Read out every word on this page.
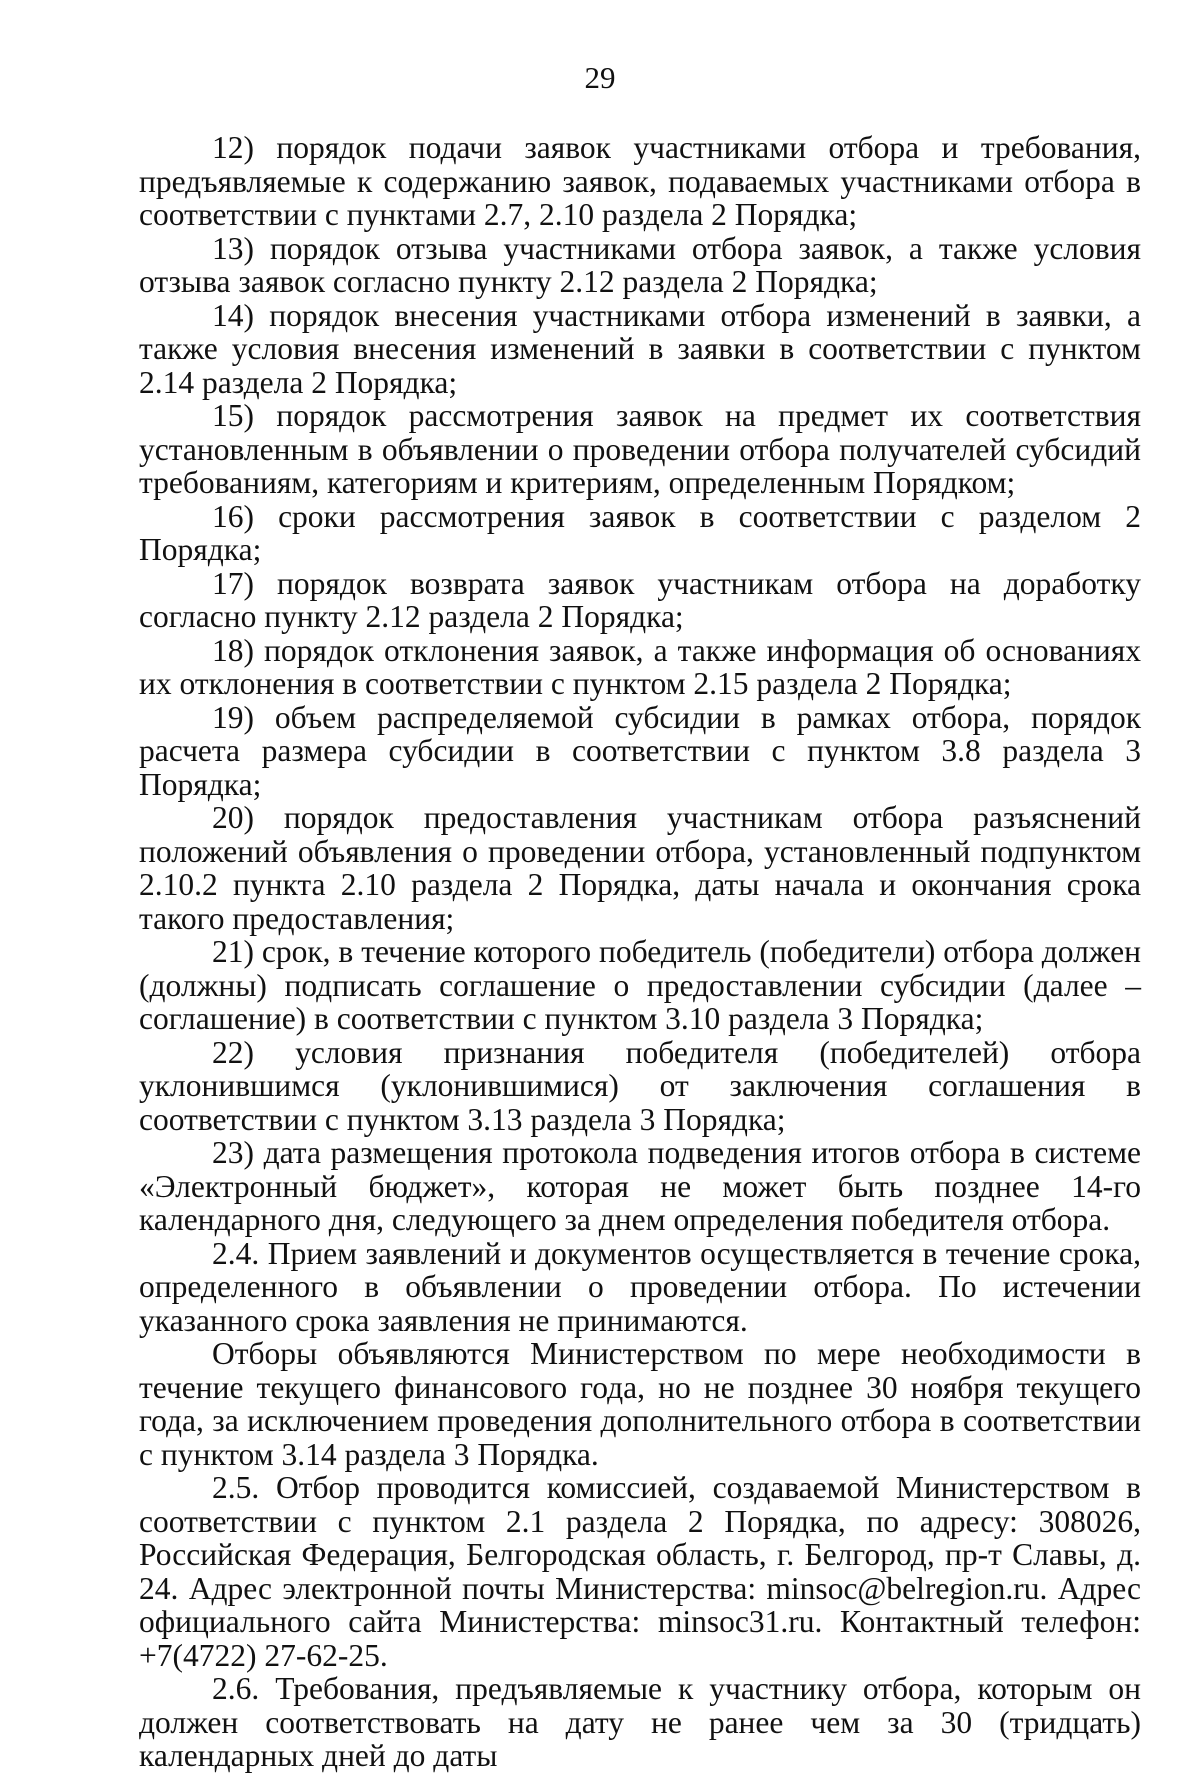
29

12) порядок подачи заявок участниками отбора и требования, предъявляемые к содержанию заявок, подаваемых участниками отбора в соответствии с пунктами 2.7, 2.10 раздела 2 Порядка;

13) порядок отзыва участниками отбора заявок, а также условия отзыва заявок согласно пункту 2.12 раздела 2 Порядка;

14) порядок внесения участниками отбора изменений в заявки, а также условия внесения изменений в заявки в соответствии с пунктом 2.14 раздела 2 Порядка;

15) порядок рассмотрения заявок на предмет их соответствия установленным в объявлении о проведении отбора получателей субсидий требованиям, категориям и критериям, определенным Порядком;

16) сроки рассмотрения заявок в соответствии с разделом 2 Порядка;

17) порядок возврата заявок участникам отбора на доработку согласно пункту 2.12 раздела 2 Порядка;

18) порядок отклонения заявок, а также информация об основаниях их отклонения в соответствии с пунктом 2.15 раздела 2 Порядка;

19) объем распределяемой субсидии в рамках отбора, порядок расчета размера субсидии в соответствии с пунктом 3.8 раздела 3 Порядка;

20) порядок предоставления участникам отбора разъяснений положений объявления о проведении отбора, установленный подпунктом 2.10.2 пункта 2.10 раздела 2 Порядка, даты начала и окончания срока такого предоставления;

21) срок, в течение которого победитель (победители) отбора должен (должны) подписать соглашение о предоставлении субсидии (далее – соглашение) в соответствии с пунктом 3.10 раздела 3 Порядка;

22) условия признания победителя (победителей) отбора уклонившимся (уклонившимися) от заключения соглашения в соответствии с пунктом 3.13 раздела 3 Порядка;

23) дата размещения протокола подведения итогов отбора в системе «Электронный бюджет», которая не может быть позднее 14-го календарного дня, следующего за днем определения победителя отбора.

2.4. Прием заявлений и документов осуществляется в течение срока, определенного в объявлении о проведении отбора. По истечении указанного срока заявления не принимаются.

Отборы объявляются Министерством по мере необходимости в течение текущего финансового года, но не позднее 30 ноября текущего года, за исключением проведения дополнительного отбора в соответствии с пунктом 3.14 раздела 3 Порядка.

2.5. Отбор проводится комиссией, создаваемой Министерством в соответствии с пунктом 2.1 раздела 2 Порядка, по адресу: 308026, Российская Федерация, Белгородская область, г. Белгород, пр-т Славы, д. 24. Адрес электронной почты Министерства: minsoc@belregion.ru. Адрес официального сайта Министерства: minsoc31.ru. Контактный телефон: +7(4722) 27-62-25.

2.6. Требования, предъявляемые к участнику отбора, которым он должен соответствовать на дату не ранее чем за 30 (тридцать) календарных дней до даты
